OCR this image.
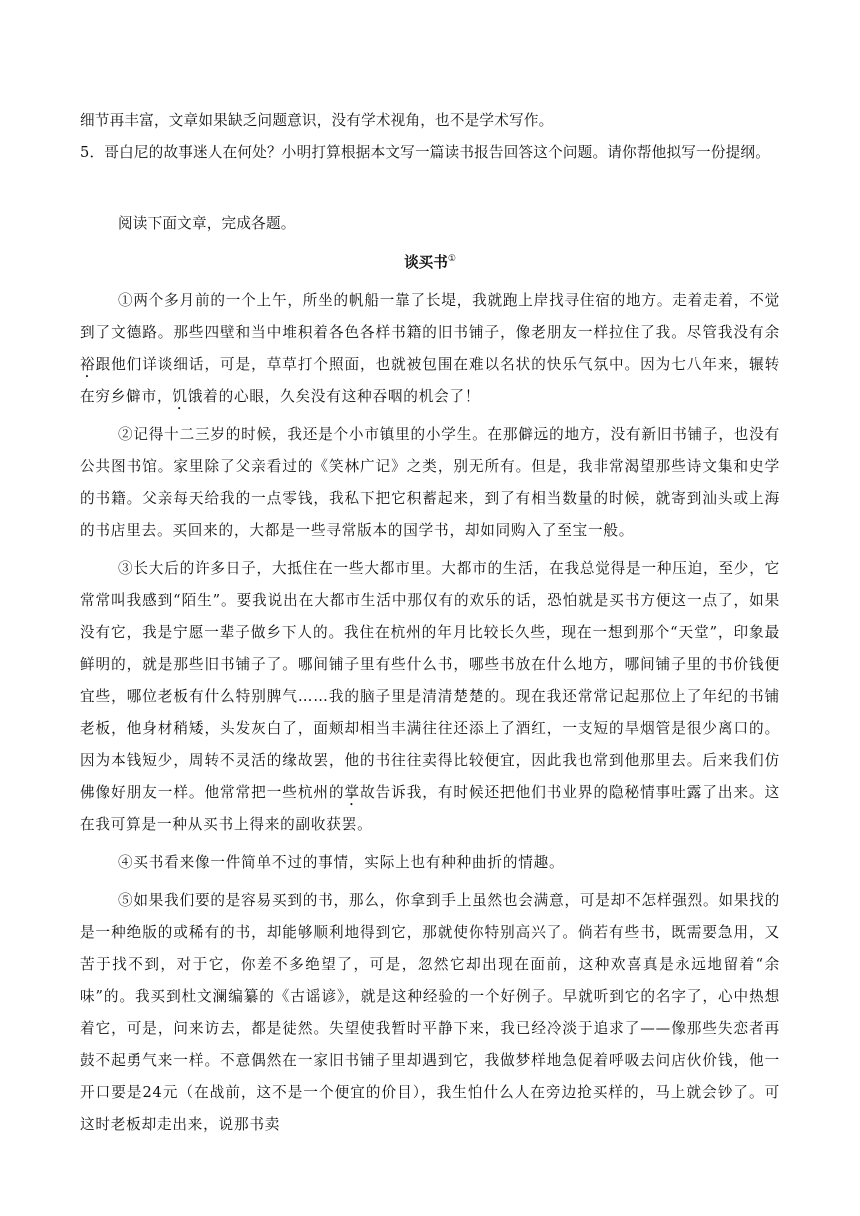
细节再丰富，文章如果缺乏问题意识，没有学术视角，也不是学术写作。

5．哥白尼的故事迷人在何处？小明打算根据本文写一篇读书报告回答这个问题。请你帮他拟写一份提纲。

阅读下面文章，完成各题。

谈买书①

①两个多月前的一个上午，所坐的帆船一靠了长堤，我就跑上岸找寻住宿的地方。走着走着，不觉到了文德路。那些四壁和当中堆积着各色各样书籍的旧书铺子，像老朋友一样拉住了我。尽管我没有余裕跟他们详谈细话，可是，草草打个照面，也就被包围在难以名状的快乐气氛中。因为七八年来，辗转在穷乡僻市，饥饿着的心眼，久矣没有这种吞咽的机会了！

②记得十二三岁的时候，我还是个小市镇里的小学生。在那僻远的地方，没有新旧书铺子，也没有公共图书馆。家里除了父亲看过的《笑林广记》之类，别无所有。但是，我非常渴望那些诗文集和史学的书籍。父亲每天给我的一点零钱，我私下把它积蓄起来，到了有相当数量的时候，就寄到汕头或上海的书店里去。买回来的，大都是一些寻常版本的国学书，却如同购入了至宝一般。

③长大后的许多日子，大抵住在一些大都市里。大都市的生活，在我总觉得是一种压迫，至少，它常常叫我感到“陌生”。要我说出在大都市生活中那仅有的欢乐的话，恐怕就是买书方便这一点了，如果没有它，我是宁愿一辈子做乡下人的。我住在杭州的年月比较长久些，现在一想到那个“天堂”，印象最鲜明的，就是那些旧书铺子了。哪间铺子里有些什么书，哪些书放在什么地方，哪间铺子里的书价钱便宜些，哪位老板有什么特别脾气……我的脑子里是清清楚楚的。现在我还常常记起那位上了年纪的书铺老板，他身材稍矮，头发灰白了，面颊却相当丰满往往还添上了酒红，一支短的旱烟管是很少离口的。因为本钱短少，周转不灵活的缘故罢，他的书往往卖得比较便宜，因此我也常到他那里去。后来我们仿佛像好朋友一样。他常常把一些杭州的掌故告诉我，有时候还把他们书业界的隐秘情事吐露了出来。这在我可算是一种从买书上得来的副收获罢。

④买书看来像一件简单不过的事情，实际上也有种种曲折的情趣。

⑤如果我们要的是容易买到的书，那么，你拿到手上虽然也会满意，可是却不怎样强烈。如果找的是一种绝版的或稀有的书，却能够顺利地得到它，那就使你特别高兴了。倘若有些书，既需要急用，又苦于找不到，对于它，你差不多绝望了，可是，忽然它却出现在面前，这种欢喜真是永远地留着“余味”的。我买到杜文澜编纂的《古谣谚》，就是这种经验的一个好例子。早就听到它的名字了，心中热想着它，可是，问来访去，都是徒然。失望使我暂时平静下来，我已经冷淡于追求了——像那些失恋者再鼓不起勇气来一样。不意偶然在一家旧书铺子里却遇到它，我做梦样地急促着呼吸去问店伙价钱，他一开口要是24元（在战前，这不是一个便宜的价目），我生怕什么人在旁边抢买样的，马上就会钞了。可这时老板却走出来，说那书卖
